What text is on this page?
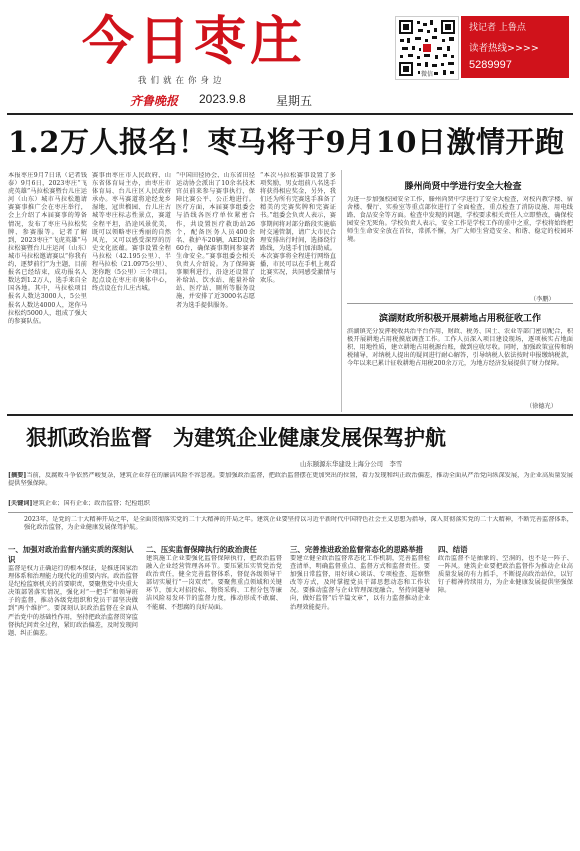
今日枣庄
我们就在你身边
齐鲁晚报 2023.9.8	星期五
微信
找记者 上鲁点
读者热线>>>>
5289997
1.2万人报名！枣马将于9月10日激情开跑
本报枣庄9月7日讯（记者钱泰）9月6日，2023枣庄“飞虎英雄”马拉松赛暨台儿庄运河（山东）城市马拉松邀请赛赛事推广会在枣庄举行，会上介绍了本届赛事的筹备情况，发布了枣庄马拉松奖牌、参赛服等。记者了解到，2023枣庄“飞虎英雄”马拉松赛暨台儿庄运河（山东）城市马拉松邀请赛以“你我有约，逐梦前行”为主题，目前报名已经结束，成功报名人数达到1.2万人，选手来自全国各地。其中，马拉松项目报名人数达3000人，5公里报名人数达4000人，迷你马拉松约5000人，组成了强大的参赛队伍。
赛事由枣庄市人民政府、山东省体育局主办，由枣庄市体育局、台儿庄区人民政府承办。枣马赛道将途经龙乡湿地、冠世榴园、台儿庄古城等枣庄标志性景点，赛道全程平坦，沿途风景优美，既可以领略枣庄秀丽的自然风光，又可以感受深厚的历史文化底蕴。赛事设置全程马拉松（42.195公里）、半程马拉松（21.0975公里）、迷你跑（5公里）三个项目。起点设在枣庄市奥体中心，终点设在台儿庄古城。
“中国田径协会、山东省田径运动协会派出了10余名技术官员前来参与赛事执行，保障比赛公平、公正地进行。医疗方面，本届赛事组委会与沿线各医疗单位紧密合作，共设置医疗救助站26个，配备医务人员400余名、救护车20辆，AED设备60台，确保赛事期间参赛者生命安全。”赛事组委会相关负责人介绍说。为了保障赛事顺利进行，沿途还设置了补给站、饮水站、能量补给站、医疗站、厕所等服务设施，并安排了近3000名志愿者为选手提供服务。
“本次马拉松赛事设置了多项奖励，男女组前八名选手将获得相应奖金，另外，我们还为所有完赛选手准备了精美的完赛奖牌和完赛证书。”组委会负责人表示，赛事期间将对部分路段实施临时交通管制，请广大市民合理安排出行时间，选择绕行路线，为选手们加油助威。本次赛事将全程进行网络直播，市民可以在手机上观看比赛实况，共同感受激情与欢乐。
滕州尚贤中学进行安全大检查
为进一步加强校园安全工作，滕州尚贤中学进行了安全大检查，对校内教学楼、宿舍楼、餐厅、实验室等重点部位进行了全面检查，重点检查了消防设施、用电线路、食品安全等方面。检查中发现的问题，学校要求相关责任人立即整改，确保校园安全无死角。学校负责人表示，安全工作是学校工作的重中之重，学校将始终把师生生命安全放在首位，常抓不懈，为广大师生营造安全、和谐、稳定的校园环境。
（李鹏）
滨湖财政所积极开展耕地占用税征收工作
滨湖镇充分发挥税收共治平台作用，财政、税务、国土、农业等部门密切配合，积极开展耕地占用税摸底调查工作。工作人员深入项目建设现场，逐项核实占地面积、用地性质，建立耕地占用税源台账，做到应收尽收。同时，加强政策宣传和纳税辅导，对纳税人提出的疑问进行耐心解答，引导纳税人依法按时申报缴纳税款，今年以来已累计征收耕地占用税200余万元，为地方经济发展提供了财力保障。
（徐德光）
狠抓政治监督　为建筑企业健康发展保驾护航
山东颐源东华建设上海分公司　李雪
[摘要]当前，反腐败斗争依然严峻复杂，建筑企业存在的廉洁风险不容忽视。要加强政治监督，把政治监督摆在更加突出的位置，着力发现和纠正政治偏差，推动全面从严治党向纵深发展，为企业高质量发展提供坚强保障。
[关键词]建筑企业；国有企业；政治监督；纪检组织
2023年，是党的二十大精神开局之年，是全面贯彻落实党的二十大精神的开局之年。建筑企业要坚持以习近平新时代中国特色社会主义思想为指导，深入贯彻落实党的二十大精神，不断完善监督体系，强化政治监督，为企业健康发展保驾护航。
一、加强对政治监督内涵实质的深刻认识
监督是权力正确运行的根本保证，是推进国家治理体系和治理能力现代化的重要内容。政治监督是纪检监察机关的首要职责，要聚焦党中央重大决策部署落实情况，强化对“一把手”和领导班子的监督，推动各级党组织和党员干部坚决做到“两个维护”。要深刻认识政治监督在全面从严治党中的基础性作用，坚持把政治监督贯穿监督执纪问责全过程，紧盯政治偏差，及时发现问题、纠正偏差。
二、压实监督保障执行的政治责任
建筑施工企业要强化监督保障执行，把政治监督融入企业经营管理各环节。要压紧压实管党治党政治责任，健全完善监督体系，督促各级领导干部切实履行“一岗双责”。要聚焦重点领域和关键环节，加大对招投标、物资采购、工程分包等廉洁风险易发环节的监督力度，推动形成不敢腐、不能腐、不想腐的良好局面。
三、完善推进政治监督常态化的思路举措
要建立健全政治监督常态化工作机制，完善监督检查清单，明确监督重点、监督方式和监督责任。要加强日常监督，用好谈心谈话、专项检查、巡察整改等方式，及时掌握党员干部思想动态和工作状况。要推动监督与企业管理深度融合，坚持问题导向，做好监督“后半篇文章”，以有力监督推动企业治理效能提升。
四、结语
政治监督不是抽象的、空洞的，也不是一阵子、一阵风。建筑企业要把政治监督作为推动企业高质量发展的有力抓手，不断提高政治站位，以钉钉子精神持续用力，为企业健康发展提供坚强保障。
